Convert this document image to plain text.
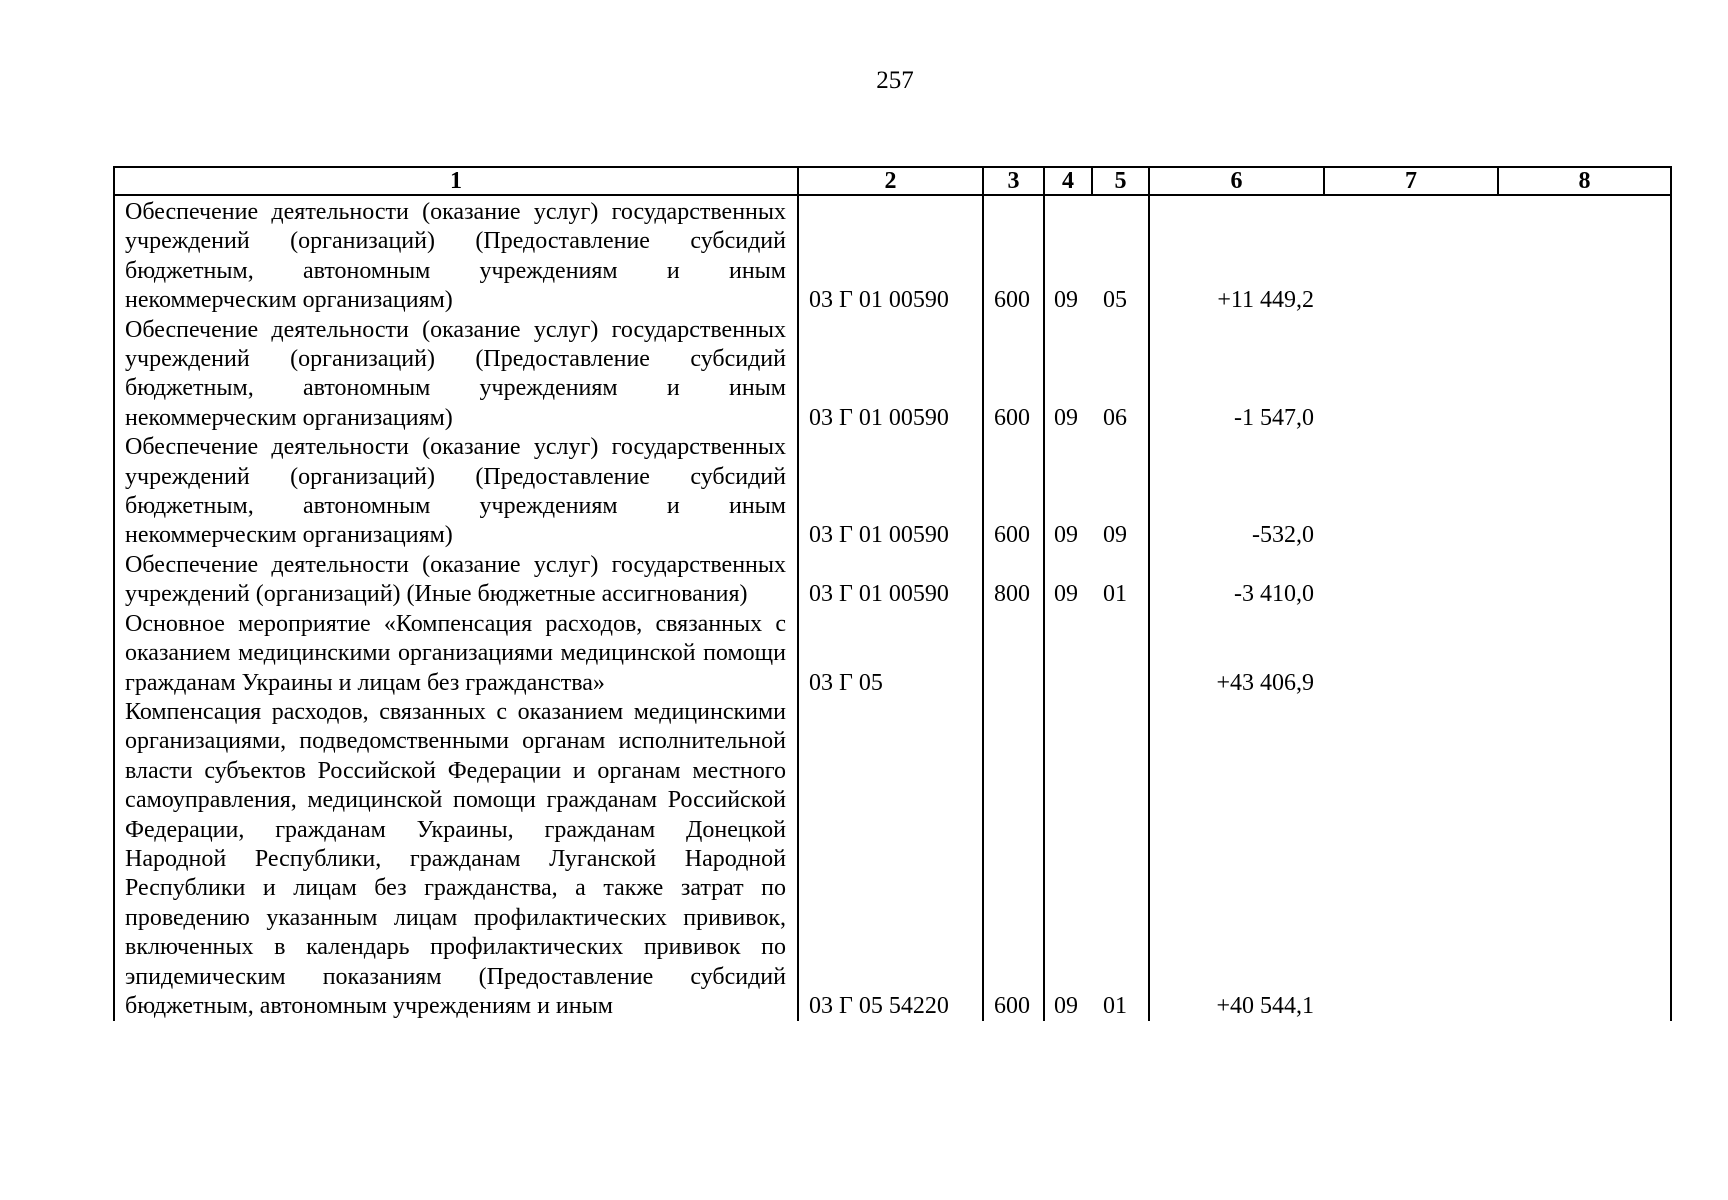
257
1	2	3	4	5	6	7	8

Обеспечение деятельности (оказание услуг) государственных учреждений (организаций) (Предоставление субсидий бюджетным, автономным учреждениям и иным некоммерческим организациям)	03 Г 01 00590	600	09	05	+11 449,2		
Обеспечение деятельности (оказание услуг) государственных учреждений (организаций) (Предоставление субсидий бюджетным, автономным учреждениям и иным некоммерческим организациям)	03 Г 01 00590	600	09	06	-1 547,0		
Обеспечение деятельности (оказание услуг) государственных учреждений (организаций) (Предоставление субсидий бюджетным, автономным учреждениям и иным некоммерческим организациям)	03 Г 01 00590	600	09	09	-532,0		
Обеспечение деятельности (оказание услуг) государственных учреждений (организаций) (Иные бюджетные ассигнования)	03 Г 01 00590	800	09	01	-3 410,0		
Основное мероприятие «Компенсация расходов, связанных с оказанием медицинскими организациями медицинской помощи гражданам Украины и лицам без гражданства»	03 Г 05				+43 406,9		
Компенсация расходов, связанных с оказанием медицинскими организациями, подведомственными органам исполнительной власти субъектов Российской Федерации и органам местного самоуправления, медицинской помощи гражданам Российской Федерации, гражданам Украины, гражданам Донецкой Народной Республики, гражданам Луганской Народной Республики и лицам без гражданства, а также затрат по проведению указанным лицам профилактических прививок, включенных в календарь профилактических прививок по эпидемическим показаниям (Предоставление субсидий бюджетным, автономным учреждениям и иным	03 Г 05 54220	600	09	01	+40 544,1		
